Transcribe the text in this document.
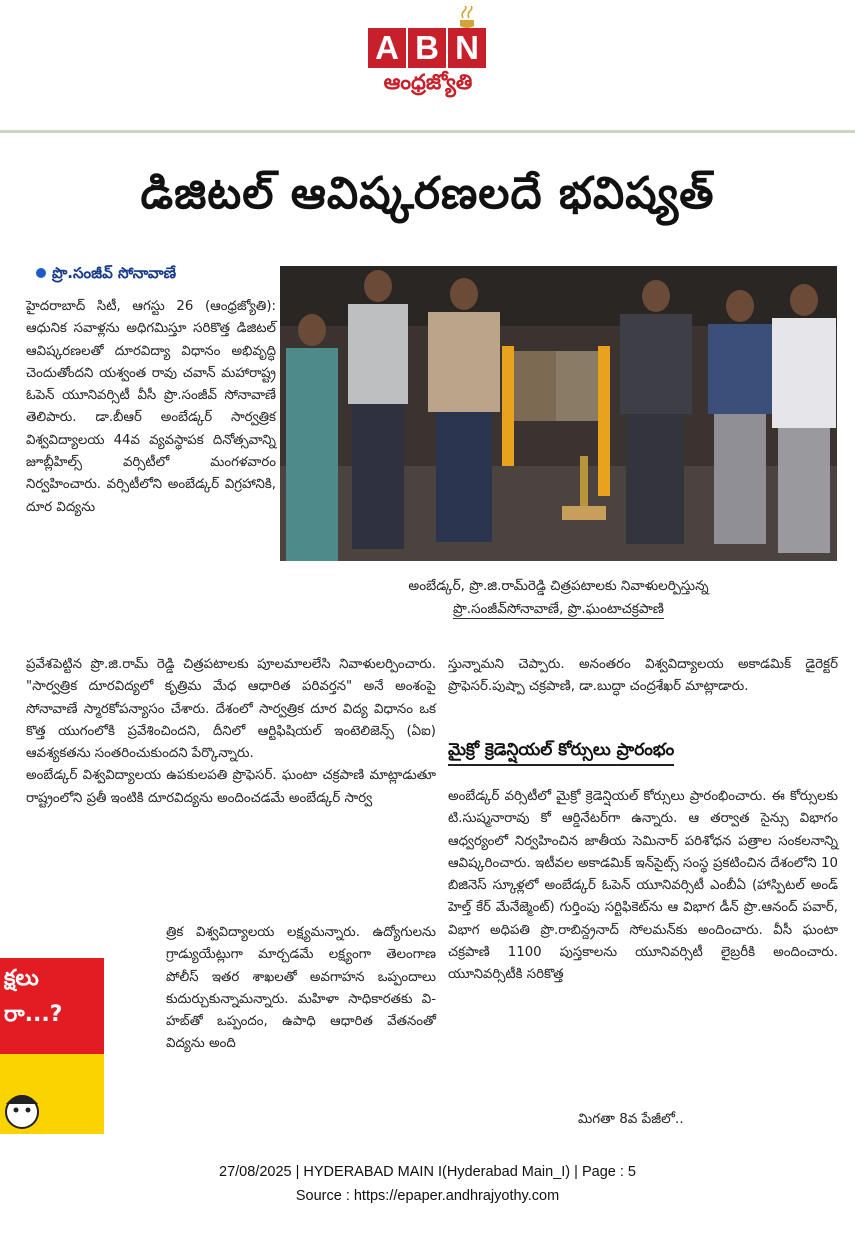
A B N
ఆంధ్రజ్యోతి
డిజిటల్ ఆవిష్కరణలదే భవిష్యత్
ప్రొ.సంజీవ్ సోనావాణే

హైదరాబాద్ సిటీ, ఆగస్టు 26 (ఆంధ్రజ్యోతి): ఆధునిక సవాళ్లను అధిగమిస్తూ సరికొత్త డిజిటల్ ఆవిష్కరణలతో దూరవిద్యా విధానం అభివృద్ధి చెందుతోందని యశ్వంత రావు చవాన్ మహారాష్ట్ర ఓపెన్ యూనివర్సిటీ వీసీ ప్రొ.సంజీవ్ సోనావాణే తెలిపారు. డా.బీఆర్ అంబేడ్కర్ సార్వత్రిక విశ్వవిద్యాలయ 44వ వ్యవస్థాపక దినోత్సవాన్ని జూబ్లీహిల్స్ వర్సిటీలో మంగళవారం నిర్వహించారు. వర్సిటీలోని అంబేడ్కర్ విగ్రహానికి, దూర విద్యను

అంబేడ్కర్, ప్రొ.జి.రామ్‌రెడ్డి చిత్రపటాలకు నివాళులర్పిస్తున్న
ప్రొ.సంజీవ్‌సోనావాణే, ప్రొ.ఘంటాచక్రపాణి

ప్రవేశపెట్టిన ప్రొ.జి.రామ్ రెడ్డి చిత్రపటాలకు పూలమాలలేసి నివాళులర్పించారు. "సార్వత్రిక దూరవిద్యలో కృత్రిమ మేధ ఆధారిత పరివర్తన" అనే అంశంపై సోనావాణే స్మారకోపన్యాసం చేశారు. దేశంలో సార్వత్రిక దూర విద్య విధానం ఒక కొత్త యుగంలోకి ప్రవేశించిందని, దీనిలో ఆర్టిఫిషియల్ ఇంటెలిజెన్స్ (ఏఐ) ఆవశ్యకతను సంతరించుకుందని పేర్కొన్నారు.

అంబేడ్కర్ విశ్వవిద్యాలయ ఉపకులపతి ప్రొఫెసర్. ఘంటా చక్రపాణి మాట్లాడుతూ రాష్ట్రంలోని ప్రతీ ఇంటికి దూరవిద్యను అందించడమే అంబేడ్కర్ సార్వ

త్రిక విశ్వవిద్యాలయ లక్ష్యమన్నారు. ఉద్యోగులను గ్రాడ్యుయేట్లుగా మార్చడమే లక్ష్యంగా తెలంగాణ పోలీస్ ఇతర శాఖలతో అవగాహన ఒప్పందాలు కుదుర్చుకున్నామన్నారు. మహిళా సాధికారతకు వి-హబ్‌తో ఒప్పందం, ఉపాధి ఆధారిత వేతనంతో విద్యను అంది

స్తున్నామని చెప్పారు. అనంతరం విశ్వవిద్యాలయ అకాడమిక్ డైరెక్టర్ ప్రొఫెసర్.పుష్పా చక్రపాణి, డా.బుద్ధా చంద్రశేఖర్ మాట్లాడారు.

మైక్రో క్రెడెన్షియల్ కోర్సులు ప్రారంభం

అంబేడ్కర్ వర్సిటీలో మైక్రో క్రెడెన్షియల్ కోర్సులు ప్రారంభించారు. ఈ కోర్సులకు టి.సుష్మనారావు కో ఆర్డినేటర్‌గా ఉన్నారు. ఆ తర్వాత సైన్సు విభాగం ఆధ్వర్యంలో నిర్వహించిన జాతీయ సెమినార్ పరిశోధన పత్రాల సంకలనాన్ని ఆవిష్కరించారు. ఇటీవల అకాడమిక్ ఇన్‌సైట్స్ సంస్థ ప్రకటించిన దేశంలోని 10 బిజినెస్ స్కూళ్లలో అంబేడ్కర్ ఓపెన్ యూనివర్సిటీ ఎంబీఏ (హాస్పిటల్ అండ్ హెల్త్ కేర్ మేనేజ్మెంట్) గుర్తింపు సర్టిఫికెట్‌ను ఆ విభాగ డీన్ ప్రొ.ఆనంద్ పవార్, విభాగ అధిపతి ప్రొ.రాబిన్ద్రనాద్ సోలమన్‌కు అందించారు. వీసీ ఘంటా చక్రపాణి 1100 పుస్తకాలను యూనివర్సిటీ లైబ్రరీకి అందించారు. యూనివర్సిటీకి సరికొత్త

మిగతా 8వ పేజీలో..
క్షలు
రా...?
27/08/2025 | HYDERABAD MAIN I(Hyderabad Main_I) | Page : 5
Source : https://epaper.andhrajyothy.com
